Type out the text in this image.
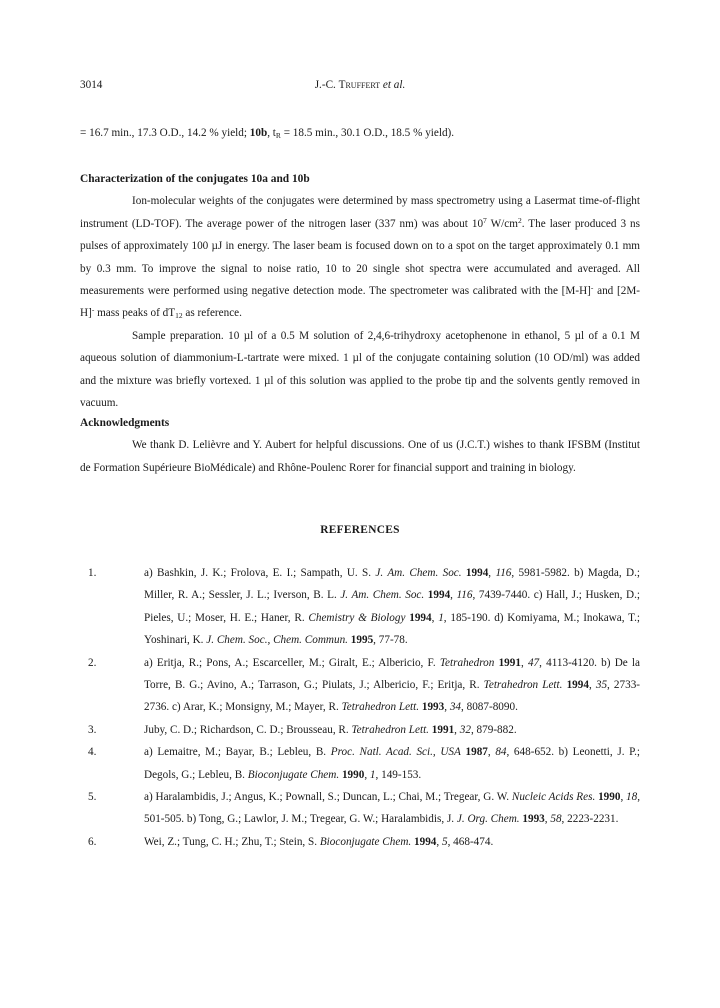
3014	J.-C. Truffert et al.

= 16.7 min., 17.3 O.D., 14.2 % yield; 10b, $t_R = 18.5$ min., 30.1 O.D., 18.5 % yield).

Characterization of the conjugates 10a and 10b

Ion-molecular weights of the conjugates were determined by mass spectrometry using a Lasermat time-of-flight instrument (LD-TOF). The average power of the nitrogen laser (337 nm) was about $10^7$ $W/cm^2$. The laser produced 3 ns pulses of approximately 100 µJ in energy. The laser beam is focused down on to a spot on the target approximately 0.1 mm by 0.3 mm. To improve the signal to noise ratio, 10 to 20 single shot spectra were accumulated and averaged. All measurements were performed using negative detection mode. The spectrometer was calibrated with the [M-H]- and [2M-H]- mass peaks of $dT_{12}$ as reference.

Sample preparation. 10 µl of a 0.5 M solution of 2,4,6-trihydroxy acetophenone in ethanol, 5 µl of a 0.1 M aqueous solution of diammonium-L-tartrate were mixed. 1 µl of the conjugate containing solution (10 OD/ml) was added and the mixture was briefly vortexed. 1 µl of this solution was applied to the probe tip and the solvents gently removed in vacuum.

Acknowledgments

We thank D. Lelièvre and Y. Aubert for helpful discussions. One of us (J.C.T.) wishes to thank IFSBM (Institut de Formation Supérieure BioMédicale) and Rhône-Poulenc Rorer for financial support and training in biology.

REFERENCES
1.	a) Bashkin, J. K.; Frolova, E. I.; Sampath, U. S. J. Am. Chem. Soc. 1994, 116, 5981-5982. b) Magda, D.; Miller, R. A.; Sessler, J. L.; Iverson, B. L. J. Am. Chem. Soc. 1994, 116, 7439-7440. c) Hall, J.; Husken, D.; Pieles, U.; Moser, H. E.; Haner, R. Chemistry & Biology 1994, 1, 185-190. d) Komiyama, M.; Inokawa, T.; Yoshinari, K. J. Chem. Soc., Chem. Commun. 1995, 77-78.
2.	a) Eritja, R.; Pons, A.; Escarceller, M.; Giralt, E.; Albericio, F. Tetrahedron 1991, 47, 4113-4120. b) De la Torre, B. G.; Avino, A.; Tarrason, G.; Piulats, J.; Albericio, F.; Eritja, R. Tetrahedron Lett. 1994, 35, 2733-2736. c) Arar, K.; Monsigny, M.; Mayer, R. Tetrahedron Lett. 1993, 34, 8087-8090.
3.	Juby, C. D.; Richardson, C. D.; Brousseau, R. Tetrahedron Lett. 1991, 32, 879-882.
4.	a) Lemaitre, M.; Bayar, B.; Lebleu, B. Proc. Natl. Acad. Sci., USA 1987, 84, 648-652. b) Leonetti, J. P.; Degols, G.; Lebleu, B. Bioconjugate Chem. 1990, 1, 149-153.
5.	a) Haralambidis, J.; Angus, K.; Pownall, S.; Duncan, L.; Chai, M.; Tregear, G. W. Nucleic Acids Res. 1990, 18, 501-505. b) Tong, G.; Lawlor, J. M.; Tregear, G. W.; Haralambidis, J. J. Org. Chem. 1993, 58, 2223-2231.
6.	Wei, Z.; Tung, C. H.; Zhu, T.; Stein, S. Bioconjugate Chem. 1994, 5, 468-474.
